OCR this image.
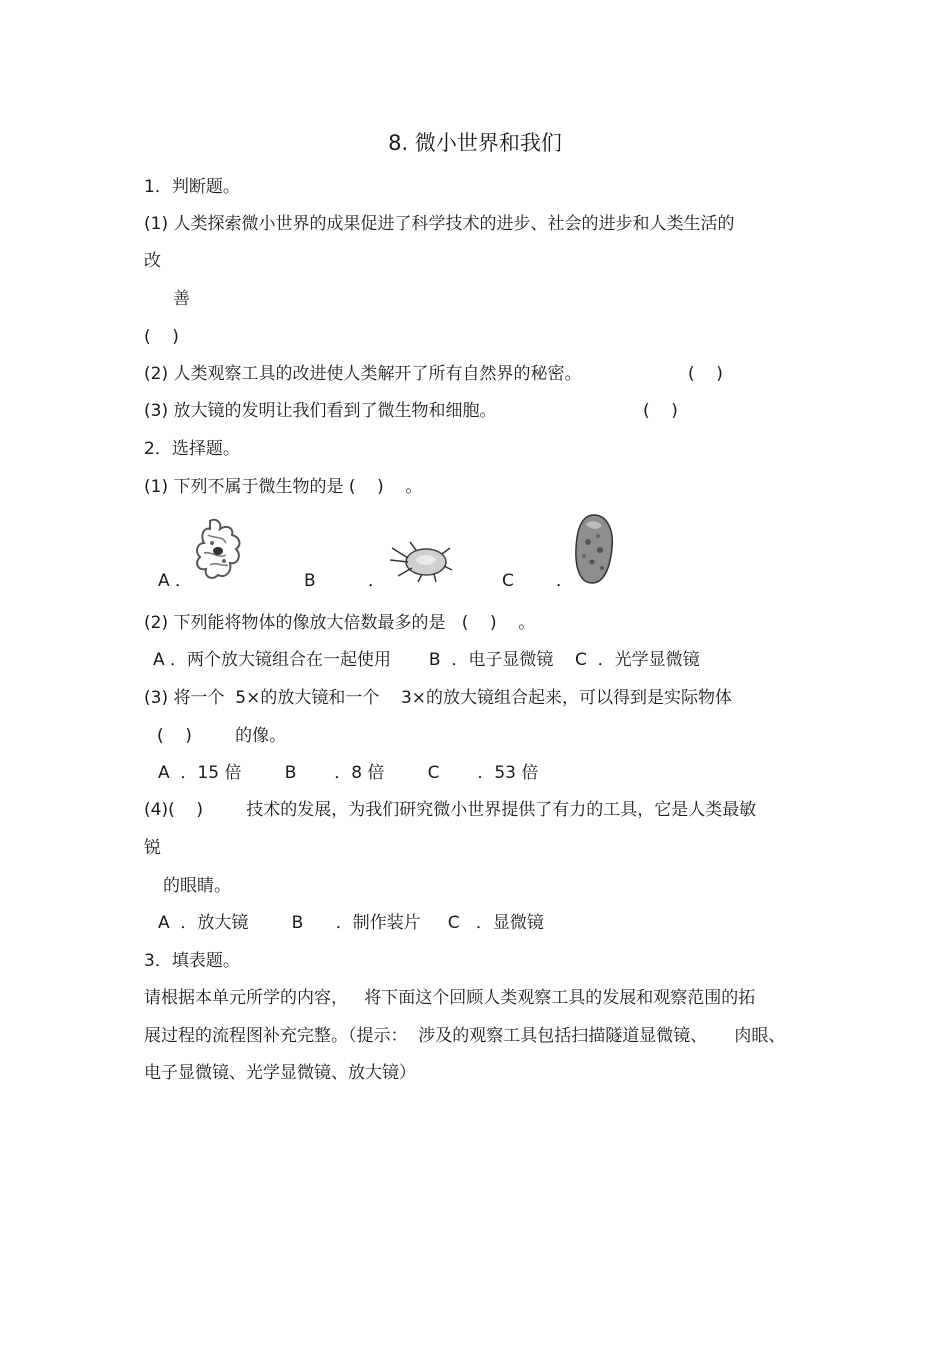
8. 微小世界和我们
1．判断题。
(1) 人类探索微小世界的成果促进了科学技术的进步、社会的进步和人类生活的
改
善
(    )
(2) 人类观察工具的改进使人类解开了所有自然界的秘密。	(    )
(3) 放大镜的发明让我们看到了微生物和细胞。	(    )
2．选择题。
(1) 下列不属于微生物的是 (    )    。
A ．	B	．	C ．
(2) 下列能将物体的像放大倍数最多的是   (    )    。
A ．两个放大镜组合在一起使用       B  ．电子显微镜    C  ．光学显微镜
(3) 将一个  5×的放大镜和一个    3×的放大镜组合起来，可以得到是实际物体
(    )        的像。
A  ．15 倍        B       ．8 倍        C       ．53 倍
(4)(    )        技术的发展，为我们研究微小世界提供了有力的工具，它是人类最敏
锐
的眼睛。
A  ．放大镜        B      ．制作装片     C   ．显微镜
3．填表题。
请根据本单元所学的内容，   将下面这个回顾人类观察工具的发展和观察范围的拓
展过程的流程图补充完整。（提示：  涉及的观察工具包括扫描隧道显微镜、     肉眼、
电子显微镜、光学显微镜、放大镜）
